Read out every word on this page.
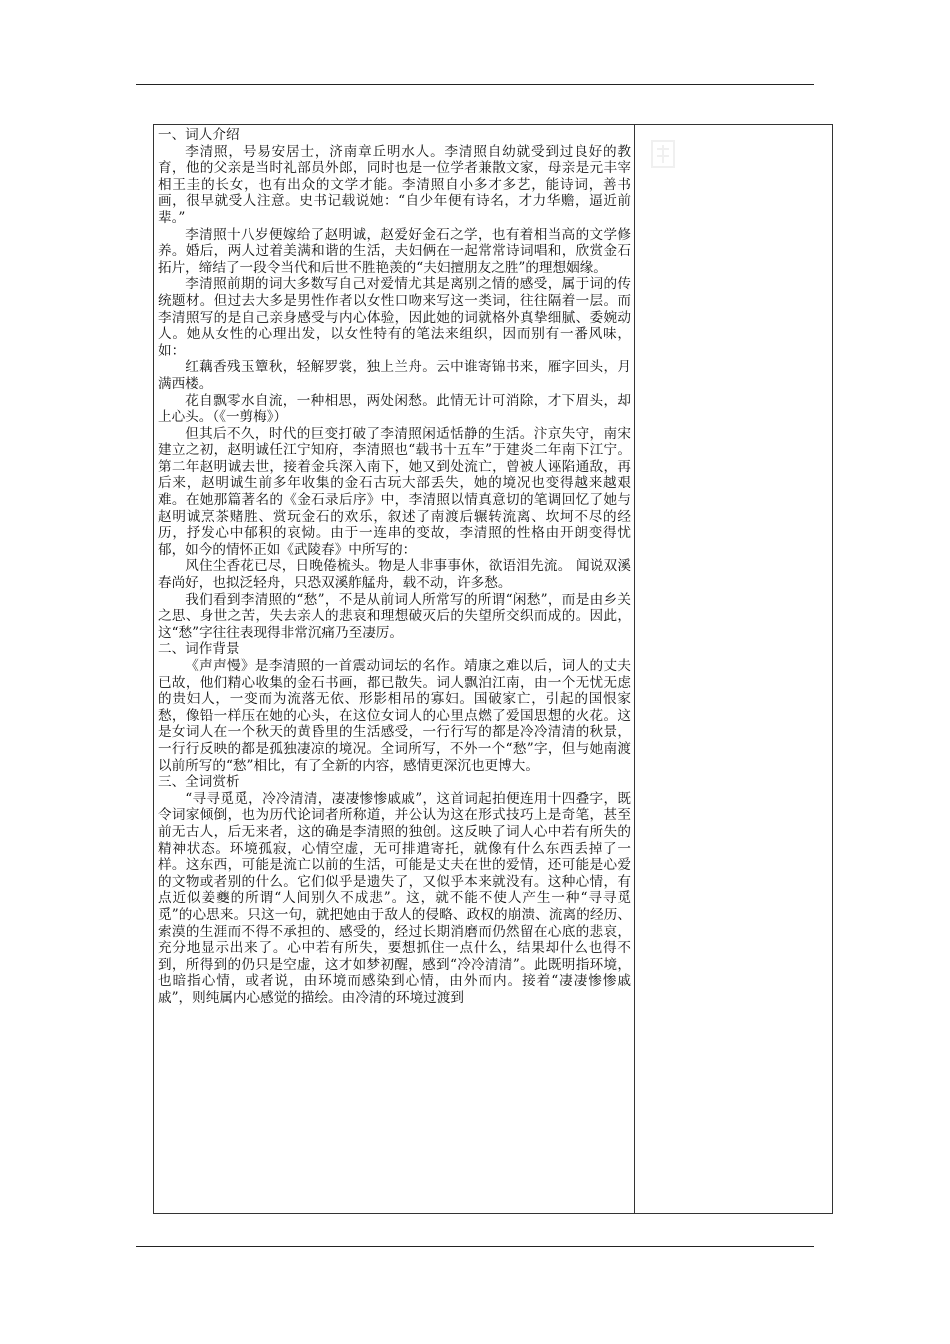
一、词人介绍

李清照，号易安居士，济南章丘明水人。李清照自幼就受到过良好的教育，他的父亲是当时礼部员外郎，同时也是一位学者兼散文家，母亲是元丰宰相王圭的长女，也有出众的文学才能。李清照自小多才多艺，能诗词，善书画，很早就受人注意。史书记载说她：“自少年便有诗名，才力华赡，逼近前辈。”

李清照十八岁便嫁给了赵明诚，赵爱好金石之学，也有着相当高的文学修养。婚后，两人过着美满和谐的生活，夫妇俩在一起常常诗词唱和，欣赏金石拓片，缔结了一段令当代和后世不胜艳羡的“夫妇擅朋友之胜”的理想姻缘。

李清照前期的词大多数写自己对爱情尤其是离别之情的感受，属于词的传统题材。但过去大多是男性作者以女性口吻来写这一类词，往往隔着一层。而李清照写的是自己亲身感受与内心体验，因此她的词就格外真挚细腻、委婉动人。她从女性的心理出发，以女性特有的笔法来组织，因而别有一番风味，如：

红藕香残玉簟秋，轻解罗裳，独上兰舟。云中谁寄锦书来，雁字回头，月满西楼。

花自飘零水自流，一种相思，两处闲愁。此情无计可消除，才下眉头，却上心头。（《一剪梅》）

但其后不久，时代的巨变打破了李清照闲适恬静的生活。汴京失守，南宋建立之初，赵明诚任江宁知府，李清照也“载书十五车”于建炎二年南下江宁。第二年赵明诚去世，接着金兵深入南下，她又到处流亡，曾被人诬陷通敌，再后来，赵明诚生前多年收集的金石古玩大部丢失，她的境况也变得越来越艰难。在她那篇著名的《金石录后序》中，李清照以情真意切的笔调回忆了她与赵明诚烹茶赌胜、赏玩金石的欢乐，叙述了南渡后辗转流离、坎坷不尽的经历，抒发心中郁积的哀恸。由于一连串的变故，李清照的性格由开朗变得忧郁，如今的情怀正如《武陵春》中所写的：

风住尘香花已尽，日晚倦梳头。物是人非事事休，欲语泪先流。 闻说双溪春尚好，也拟泛轻舟，只恐双溪舴艋舟，载不动，许多愁。

我们看到李清照的“愁”，不是从前词人所常写的所谓“闲愁”，而是由乡关之思、身世之苦，失去亲人的悲哀和理想破灭后的失望所交织而成的。因此，这“愁”字往往表现得非常沉痛乃至凄厉。

二、词作背景

《声声慢》是李清照的一首震动词坛的名作。靖康之难以后，词人的丈夫已故，他们精心收集的金石书画，都已散失。词人飘泊江南，由一个无忧无虑的贵妇人，一变而为流落无依、形影相吊的寡妇。国破家亡，引起的国恨家愁，像铅一样压在她的心头，在这位女词人的心里点燃了爱国思想的火花。这是女词人在一个秋天的黄昏里的生活感受，一行行写的都是冷冷清清的秋景，一行行反映的都是孤独凄凉的境况。全词所写，不外一个“愁”字，但与她南渡以前所写的“愁”相比，有了全新的内容，感情更深沉也更博大。

三、全词赏析

“寻寻觅觅，冷冷清清，凄凄惨惨戚戚”，这首词起拍便连用十四叠字，既令词家倾倒，也为历代论词者所称道，并公认为这在形式技巧上是奇笔，甚至前无古人，后无来者，这的确是李清照的独创。这反映了词人心中若有所失的精神状态。环境孤寂，心情空虚，无可排遣寄托，就像有什么东西丢掉了一样。这东西，可能是流亡以前的生活，可能是丈夫在世的爱情，还可能是心爱的文物或者别的什么。它们似乎是遗失了，又似乎本来就没有。这种心情，有点近似姜夔的所谓“人间别久不成悲”。这，就不能不使人产生一种“寻寻觅觅”的心思来。只这一句，就把她由于敌人的侵略、政权的崩溃、流离的经历、索漠的生涯而不得不承担的、感受的，经过长期消磨而仍然留在心底的悲哀，充分地显示出来了。心中若有所失，要想抓住一点什么，结果却什么也得不到，所得到的仍只是空虚，这才如梦初醒，感到“冷冷清清”。此既明指环境，也暗指心情，或者说，由环境而感染到心情，由外而内。接着“凄凄惨惨戚戚”，则纯属内心感觉的描绘。由冷清的环境过渡到
